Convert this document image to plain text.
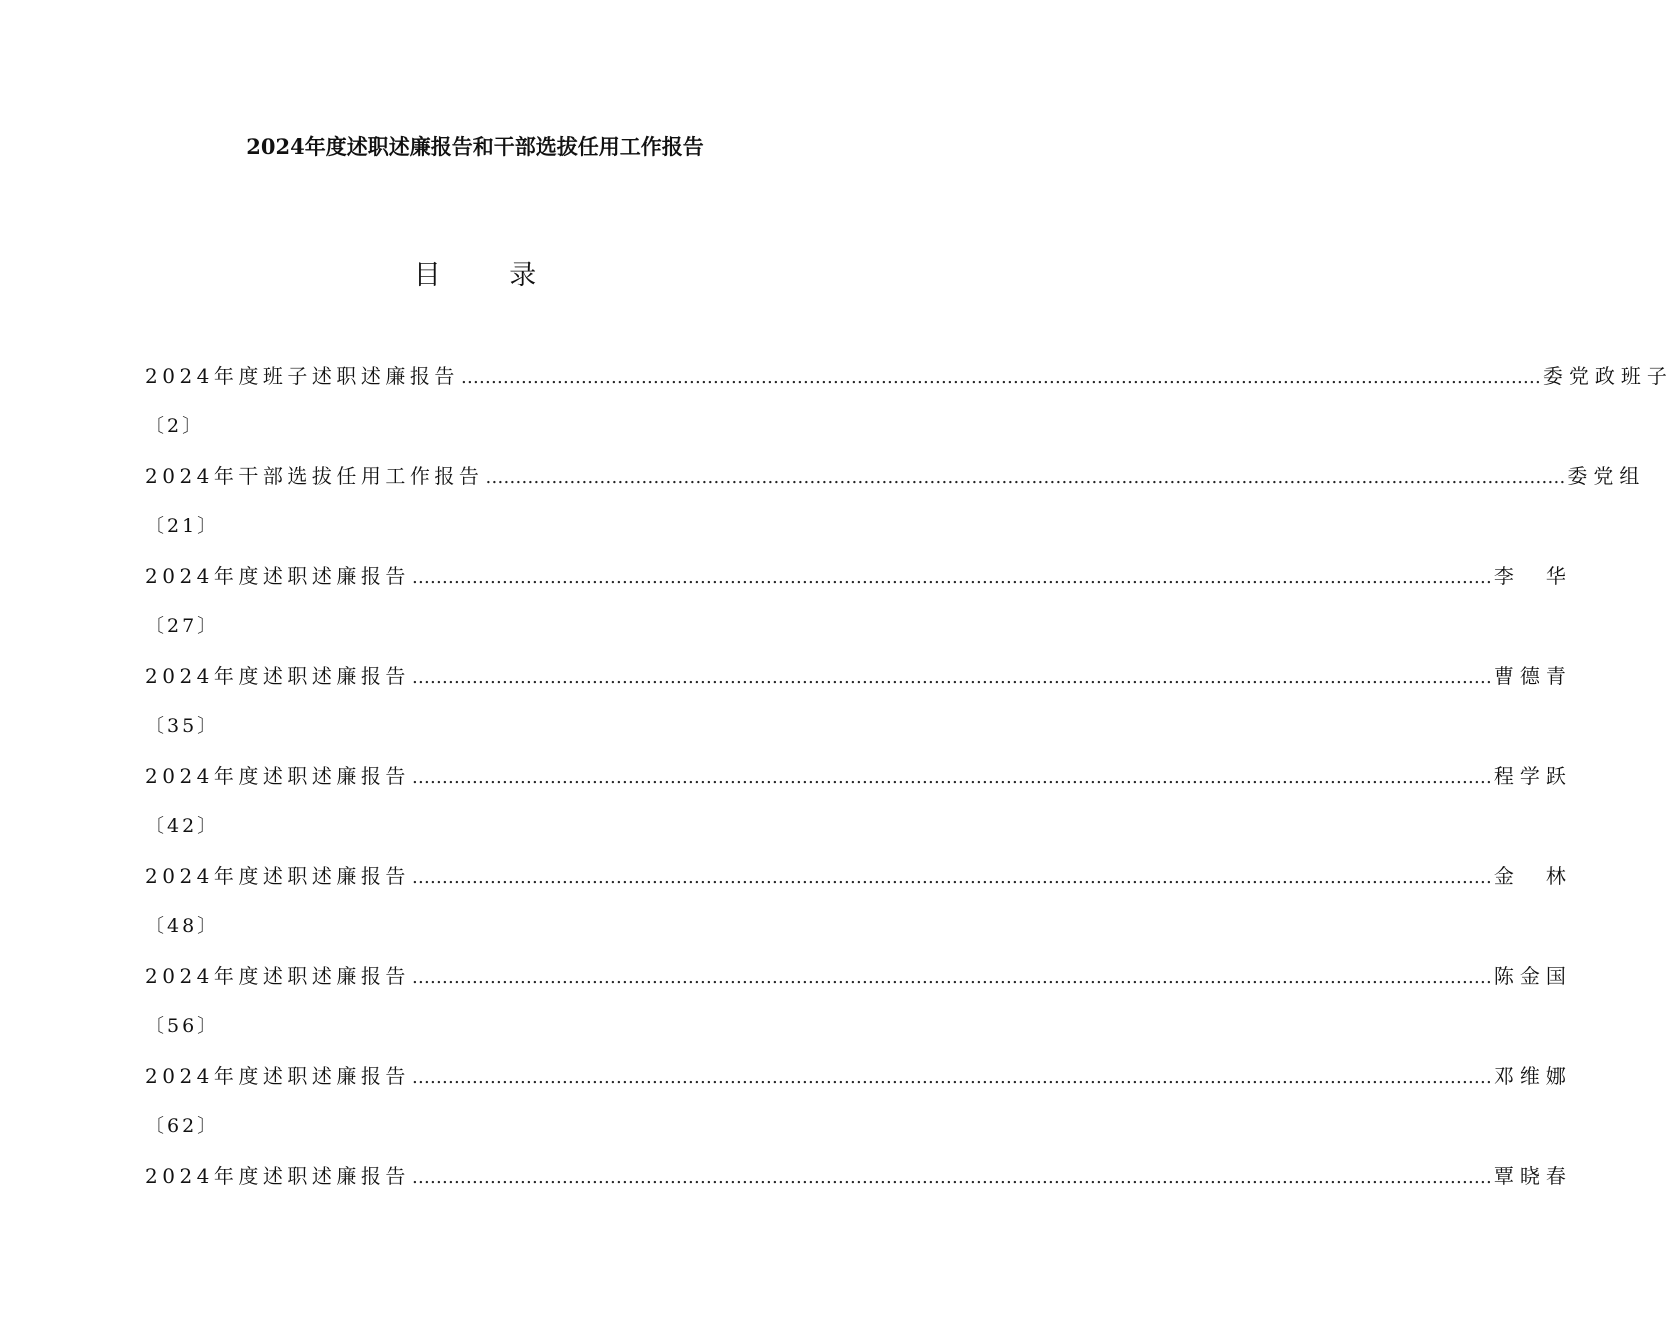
2024年度述职述廉报告和干部选拔任用工作报告
目 录
2024年度班子述职述廉报告 ……………………………………………………………………………………………………………………………………………………………… 委党政班子
〔2〕
2024年干部选拔任用工作报告 ……………………………………………………………………………………………………………………………………………………………… 委党组
〔21〕
2024年度述职述廉报告 ……………………………………………………………………………………………………………………………………………………………… 李　华
〔27〕
2024年度述职述廉报告 ……………………………………………………………………………………………………………………………………………………………… 曹德青
〔35〕
2024年度述职述廉报告 ……………………………………………………………………………………………………………………………………………………………… 程学跃
〔42〕
2024年度述职述廉报告 ……………………………………………………………………………………………………………………………………………………………… 金　林
〔48〕
2024年度述职述廉报告 ……………………………………………………………………………………………………………………………………………………………… 陈金国
〔56〕
2024年度述职述廉报告 ……………………………………………………………………………………………………………………………………………………………… 邓维娜
〔62〕
2024年度述职述廉报告 ……………………………………………………………………………………………………………………………………………………………… 覃晓春
